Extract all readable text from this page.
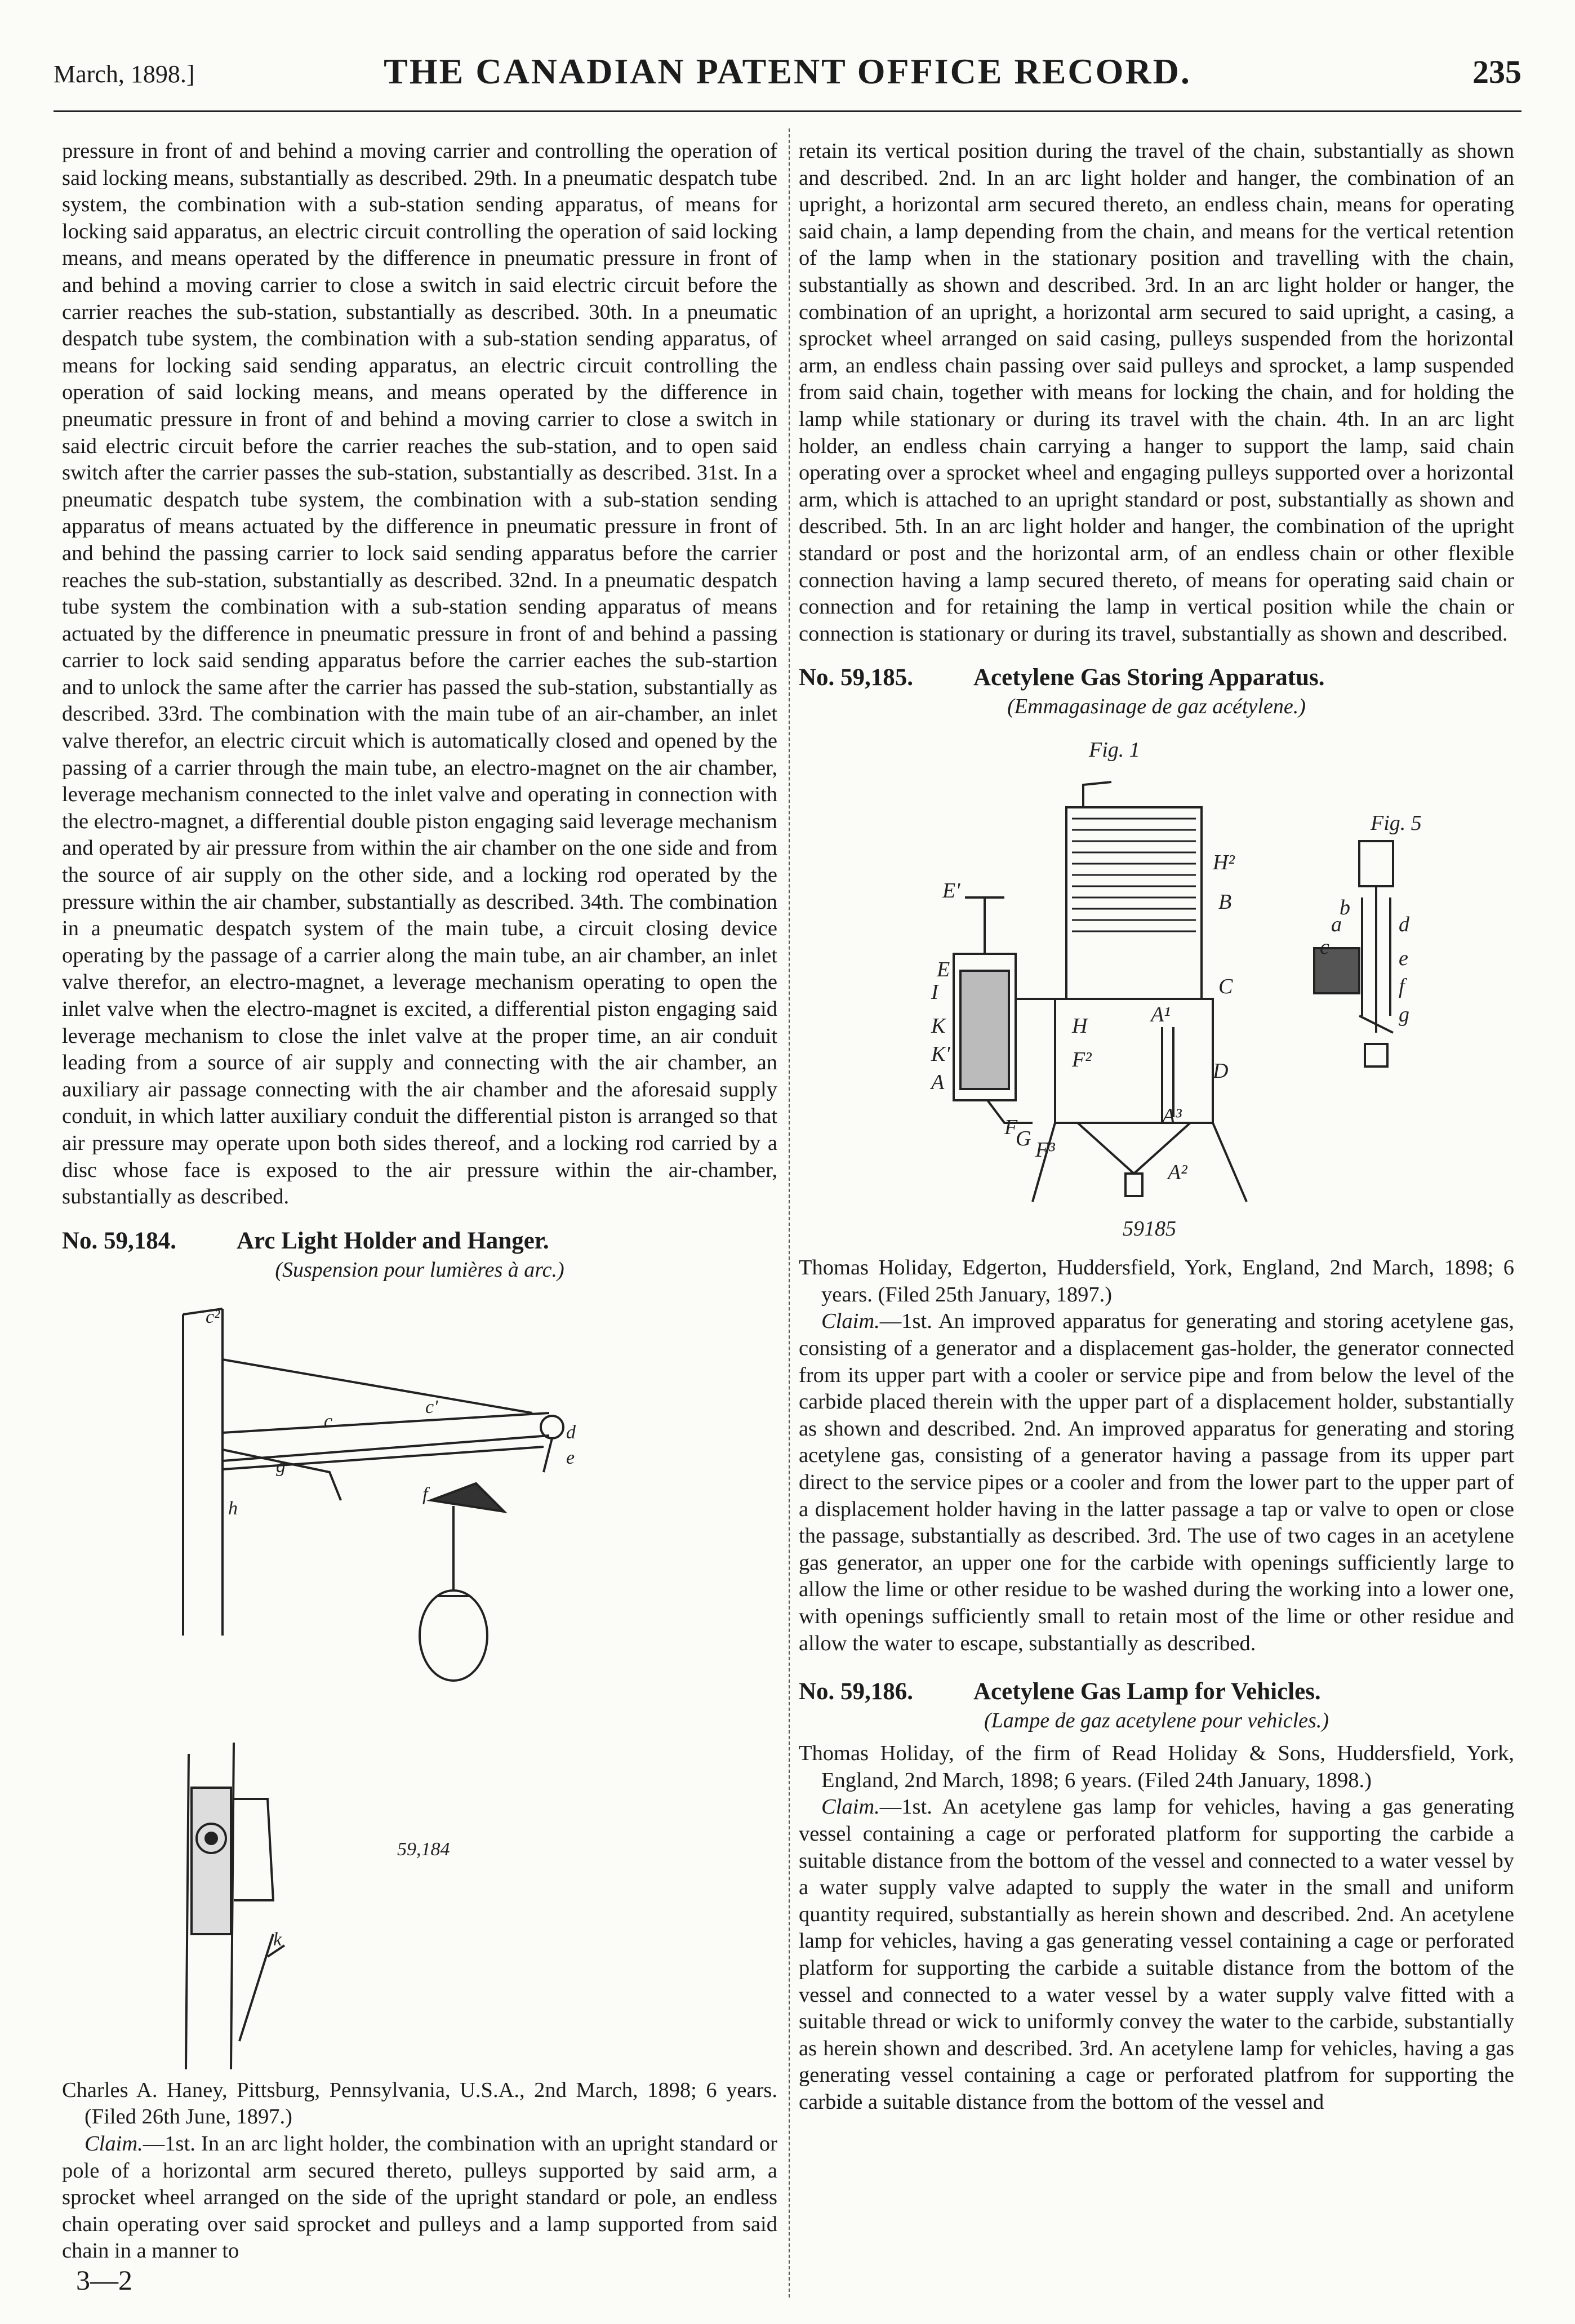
March, 1898.]	THE CANADIAN PATENT OFFICE RECORD.	235

pressure in front of and behind a moving carrier and controlling the operation of said locking means, substantially as described. 29th. In a pneumatic despatch tube system, the combination with a sub-station sending apparatus, of means for locking said apparatus, an electric circuit controlling the operation of said locking means, and means operated by the difference in pneumatic pressure in front of and behind a moving carrier to close a switch in said electric circuit before the carrier reaches the sub-station, substantially as described. 30th. In a pneumatic despatch tube system, the combination with a sub-station sending apparatus, of means for locking said sending apparatus, an electric circuit controlling the operation of said locking means, and means operated by the difference in pneumatic pressure in front of and behind a moving carrier to close a switch in said electric circuit before the carrier reaches the sub-station, and to open said switch after the carrier passes the sub-station, substantially as described. 31st. In a pneumatic despatch tube system, the combination with a sub-station sending apparatus of means actuated by the difference in pneumatic pressure in front of and behind the passing carrier to lock said sending apparatus before the carrier reaches the sub-station, substantially as described. 32nd. In a pneumatic despatch tube system the combination with a sub-station sending apparatus of means actuated by the difference in pneumatic pressure in front of and behind a passing carrier to lock said sending apparatus before the carrier eaches the sub-startion and to unlock the same after the carrier has passed the sub-station, substantially as described. 33rd. The combination with the main tube of an air-chamber, an inlet valve therefor, an electric circuit which is automatically closed and opened by the passing of a carrier through the main tube, an electro-magnet on the air chamber, leverage mechanism connected to the inlet valve and operating in connection with the electro-magnet, a differential double piston engaging said leverage mechanism and operated by air pressure from within the air chamber on the one side and from the source of air supply on the other side, and a locking rod operated by the pressure within the air chamber, substantially as described. 34th. The combination in a pneumatic despatch system of the main tube, a circuit closing device operating by the passage of a carrier along the main tube, an air chamber, an inlet valve therefor, an electro-magnet, a leverage mechanism operating to open the inlet valve when the electro-magnet is excited, a differential piston engaging said leverage mechanism to close the inlet valve at the proper time, an air conduit leading from a source of air supply and connecting with the air chamber, an auxiliary air passage connecting with the air chamber and the aforesaid supply conduit, in which latter auxiliary conduit the differential piston is arranged so that air pressure may operate upon both sides thereof, and a locking rod carried by a disc whose face is exposed to the air pressure within the air-chamber, substantially as described.

No. 59,184. Arc Light Holder and Hanger.
(Suspension pour lumières à arc.)
c²
c
c'
d
e
h
g
f
k
59,184

Charles A. Haney, Pittsburg, Pennsylvania, U.S.A., 2nd March, 1898; 6 years. (Filed 26th June, 1897.)

Claim.—1st. In an arc light holder, the combination with an upright standard or pole of a horizontal arm secured thereto, pulleys supported by said arm, a sprocket wheel arranged on the side of the upright standard or pole, an endless chain operating over said sprocket and pulleys and a lamp supported from said chain in a manner to

3—2

retain its vertical position during the travel of the chain, substantially as shown and described. 2nd. In an arc light holder and hanger, the combination of an upright, a horizontal arm secured thereto, an endless chain, means for operating said chain, a lamp depending from the chain, and means for the vertical retention of the lamp when in the stationary position and travelling with the chain, substantially as shown and described. 3rd. In an arc light holder or hanger, the combination of an upright, a horizontal arm secured to said upright, a casing, a sprocket wheel arranged on said casing, pulleys suspended from the horizontal arm, an endless chain passing over said pulleys and sprocket, a lamp suspended from said chain, together with means for locking the chain, and for holding the lamp while stationary or during its travel with the chain. 4th. In an arc light holder, an endless chain carrying a hanger to support the lamp, said chain operating over a sprocket wheel and engaging pulleys supported over a horizontal arm, which is attached to an upright standard or post, substantially as shown and described. 5th. In an arc light holder and hanger, the combination of the upright standard or post and the horizontal arm, of an endless chain or other flexible connection having a lamp secured thereto, of means for operating said chain or connection and for retaining the lamp in vertical position while the chain or connection is stationary or during its travel, substantially as shown and described.

No. 59,185. Acetylene Gas Storing Apparatus.
(Emmagasinage de gaz acétylene.)
Fig. 1
Fig. 5
H²
B
E'
E
I
K
K'
A
H
F²
A¹
C
D
G F³
A³
A²
F
a
b
c
d
e
f
g
59185

Thomas Holiday, Edgerton, Huddersfield, York, England, 2nd March, 1898; 6 years. (Filed 25th January, 1897.)

Claim.—1st. An improved apparatus for generating and storing acetylene gas, consisting of a generator and a displacement gas-holder, the generator connected from its upper part with a cooler or service pipe and from below the level of the carbide placed therein with the upper part of a displacement holder, substantially as shown and described. 2nd. An improved apparatus for generating and storing acetylene gas, consisting of a generator having a passage from its upper part direct to the service pipes or a cooler and from the lower part to the upper part of a displacement holder having in the latter passage a tap or valve to open or close the passage, substantially as described. 3rd. The use of two cages in an acetylene gas generator, an upper one for the carbide with openings sufficiently large to allow the lime or other residue to be washed during the working into a lower one, with openings sufficiently small to retain most of the lime or other residue and allow the water to escape, substantially as described.

No. 59,186. Acetylene Gas Lamp for Vehicles.
(Lampe de gaz acetylene pour vehicles.)

Thomas Holiday, of the firm of Read Holiday & Sons, Huddersfield, York, England, 2nd March, 1898; 6 years. (Filed 24th January, 1898.)

Claim.—1st. An acetylene gas lamp for vehicles, having a gas generating vessel containing a cage or perforated platform for supporting the carbide a suitable distance from the bottom of the vessel and connected to a water vessel by a water supply valve adapted to supply the water in the small and uniform quantity required, substantially as herein shown and described. 2nd. An acetylene lamp for vehicles, having a gas generating vessel containing a cage or perforated platform for supporting the carbide a suitable distance from the bottom of the vessel and connected to a water vessel by a water supply valve fitted with a suitable thread or wick to uniformly convey the water to the carbide, substantially as herein shown and described. 3rd. An acetylene lamp for vehicles, having a gas generating vessel containing a cage or perforated platfrom for supporting the carbide a suitable distance from the bottom of the vessel and
